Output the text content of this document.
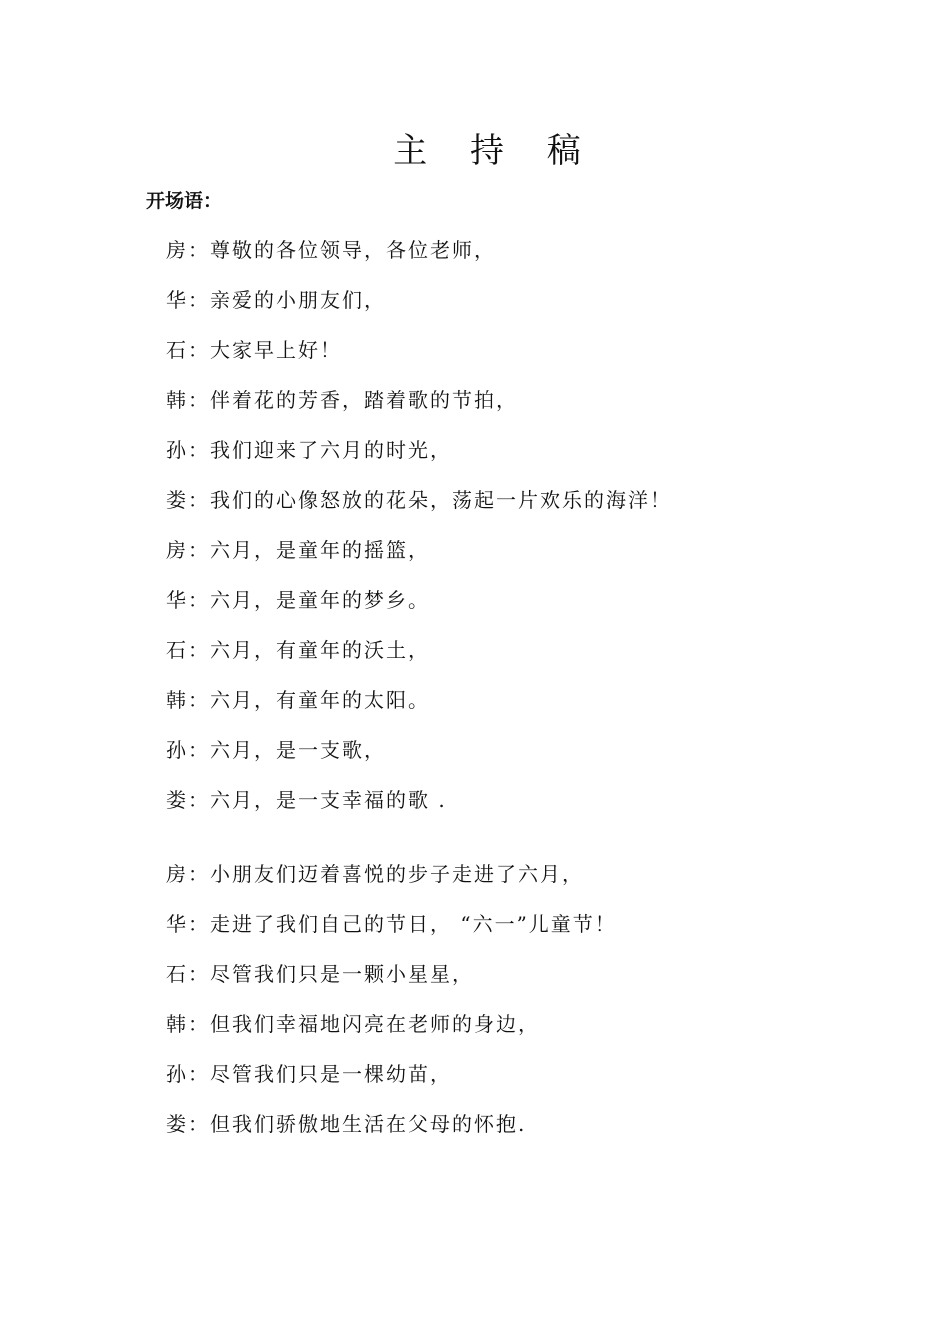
主 持 稿
开场语：
房 ： 尊敬的各位领导，各位老师，
华 ： 亲爱的小朋友们，
石 ： 大家早上好！
韩 ： 伴着花的芳香，踏着歌的节拍，
孙 ： 我们迎来了六月的时光，
娄 ： 我们的心像怒放的花朵，荡起一片欢乐的海洋！
房 ： 六月，是童年的摇篮，
华 ： 六月，是童年的梦乡。
石 ： 六月，有童年的沃土，
韩 ： 六月，有童年的太阳。
孙 ： 六月，是一支歌，
娄 ： 六月，是一支幸福的歌 .
房 ： 小朋友们迈着喜悦的步子走进了六月，
华 ： 走进了我们自己的节日， “六一”儿童节！
石 ： 尽管我们只是一颗小星星，
韩 ： 但我们幸福地闪亮在老师的身边，
孙 ： 尽管我们只是一棵幼苗，
娄 ： 但我们骄傲地生活在父母的怀抱.
